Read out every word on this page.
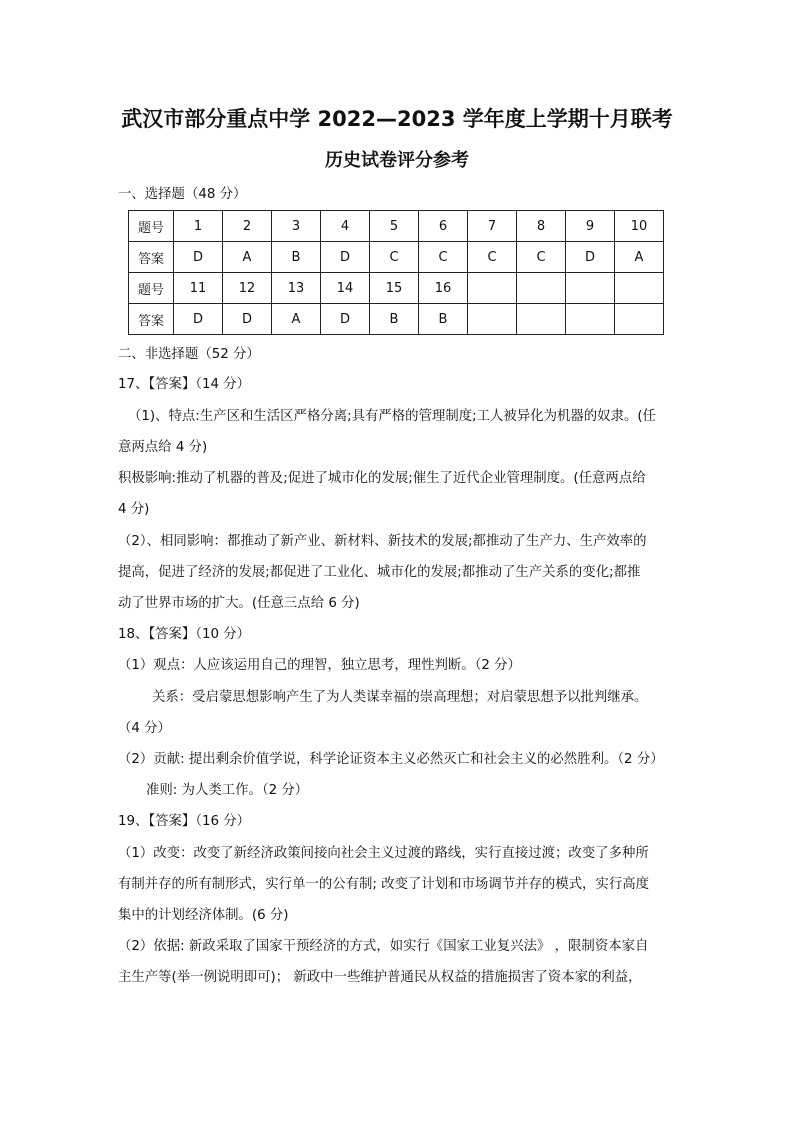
武汉市部分重点中学 2022—2023 学年度上学期十月联考
历史试卷评分参考
一、选择题（48 分）
题号	1	2	3	4	5	6	7	8	9	10
答案	D	A	B	D	C	C	C	C	D	A
题号	11	12	13	14	15	16				
答案	D	D	A	D	B	B				
二、非选择题（52 分）
17、【答案】（14 分）
（1)、特点:生产区和生活区严格分离;具有严格的管理制度;工人被异化为机器的奴隶。(任
意两点给 4 分)
积极影响:推动了机器的普及;促进了城市化的发展;催生了近代企业管理制度。(任意两点给
4 分)
（2）、相同影响：都推动了新产业、新材料、新技术的发展;都推动了生产力、生产效率的
提高，促进了经济的发展;都促进了工业化、城市化的发展;都推动了生产关系的变化;都推
动了世界市场的扩大。(任意三点给 6 分)
18、【答案】（10 分）
（1）观点：人应该运用自己的理智，独立思考，理性判断。（2 分）
关系：受启蒙思想影响产生了为人类谋幸福的崇高理想；对启蒙思想予以批判继承。
（4 分）
（2）贡献: 提出剩余价值学说，科学论证资本主义必然灭亡和社会主义的必然胜利。（2 分）
准则: 为人类工作。（2 分）
19、【答案】（16 分）
（1）改变：改变了新经济政策间接向社会主义过渡的路线，实行直接过渡；改变了多种所
有制并存的所有制形式，实行单一的公有制; 改变了计划和市场调节并存的模式，实行高度
集中的计划经济体制。(6 分)
（2）依据: 新政采取了国家干预经济的方式，如实行《国家工业复兴法》 ，限制资本家自
主生产等(举一例说明即可)； 新政中一些维护普通民从权益的措施损害了资本家的利益，
